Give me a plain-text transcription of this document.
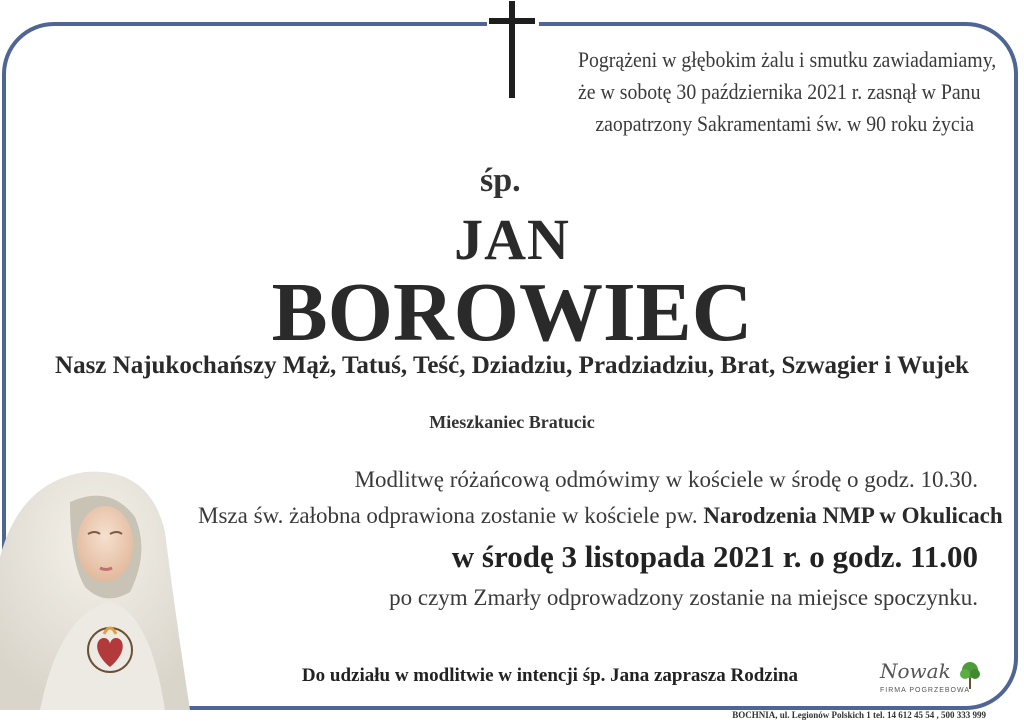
Pogrążeni w głębokim żalu i smutku zawiadamiamy,
że w sobotę 30 października 2021 r. zasnął w Panu
zaopatrzony Sakramentami św. w 90 roku życia
śp.
JAN
BOROWIEC
Nasz Najukochańszy Mąż, Tatuś, Teść, Dziadziu, Pradziadziu, Brat, Szwagier i Wujek
Mieszkaniec Bratucic
Modlitwę różańcową odmówimy w kościele w środę o godz. 10.30.
Msza św. żałobna odprawiona zostanie w kościele pw. Narodzenia NMP w Okulicach
w środę 3 listopada 2021 r. o godz. 11.00
po czym Zmarły odprowadzony zostanie na miejsce spoczynku.
Do udziału w modlitwie w intencji śp. Jana zaprasza Rodzina	Nowak
FIRMA POGRZEBOWA
BOCHNIA, ul. Legionów Polskich 1 tel. 14 612 45 54 , 500 333 999
